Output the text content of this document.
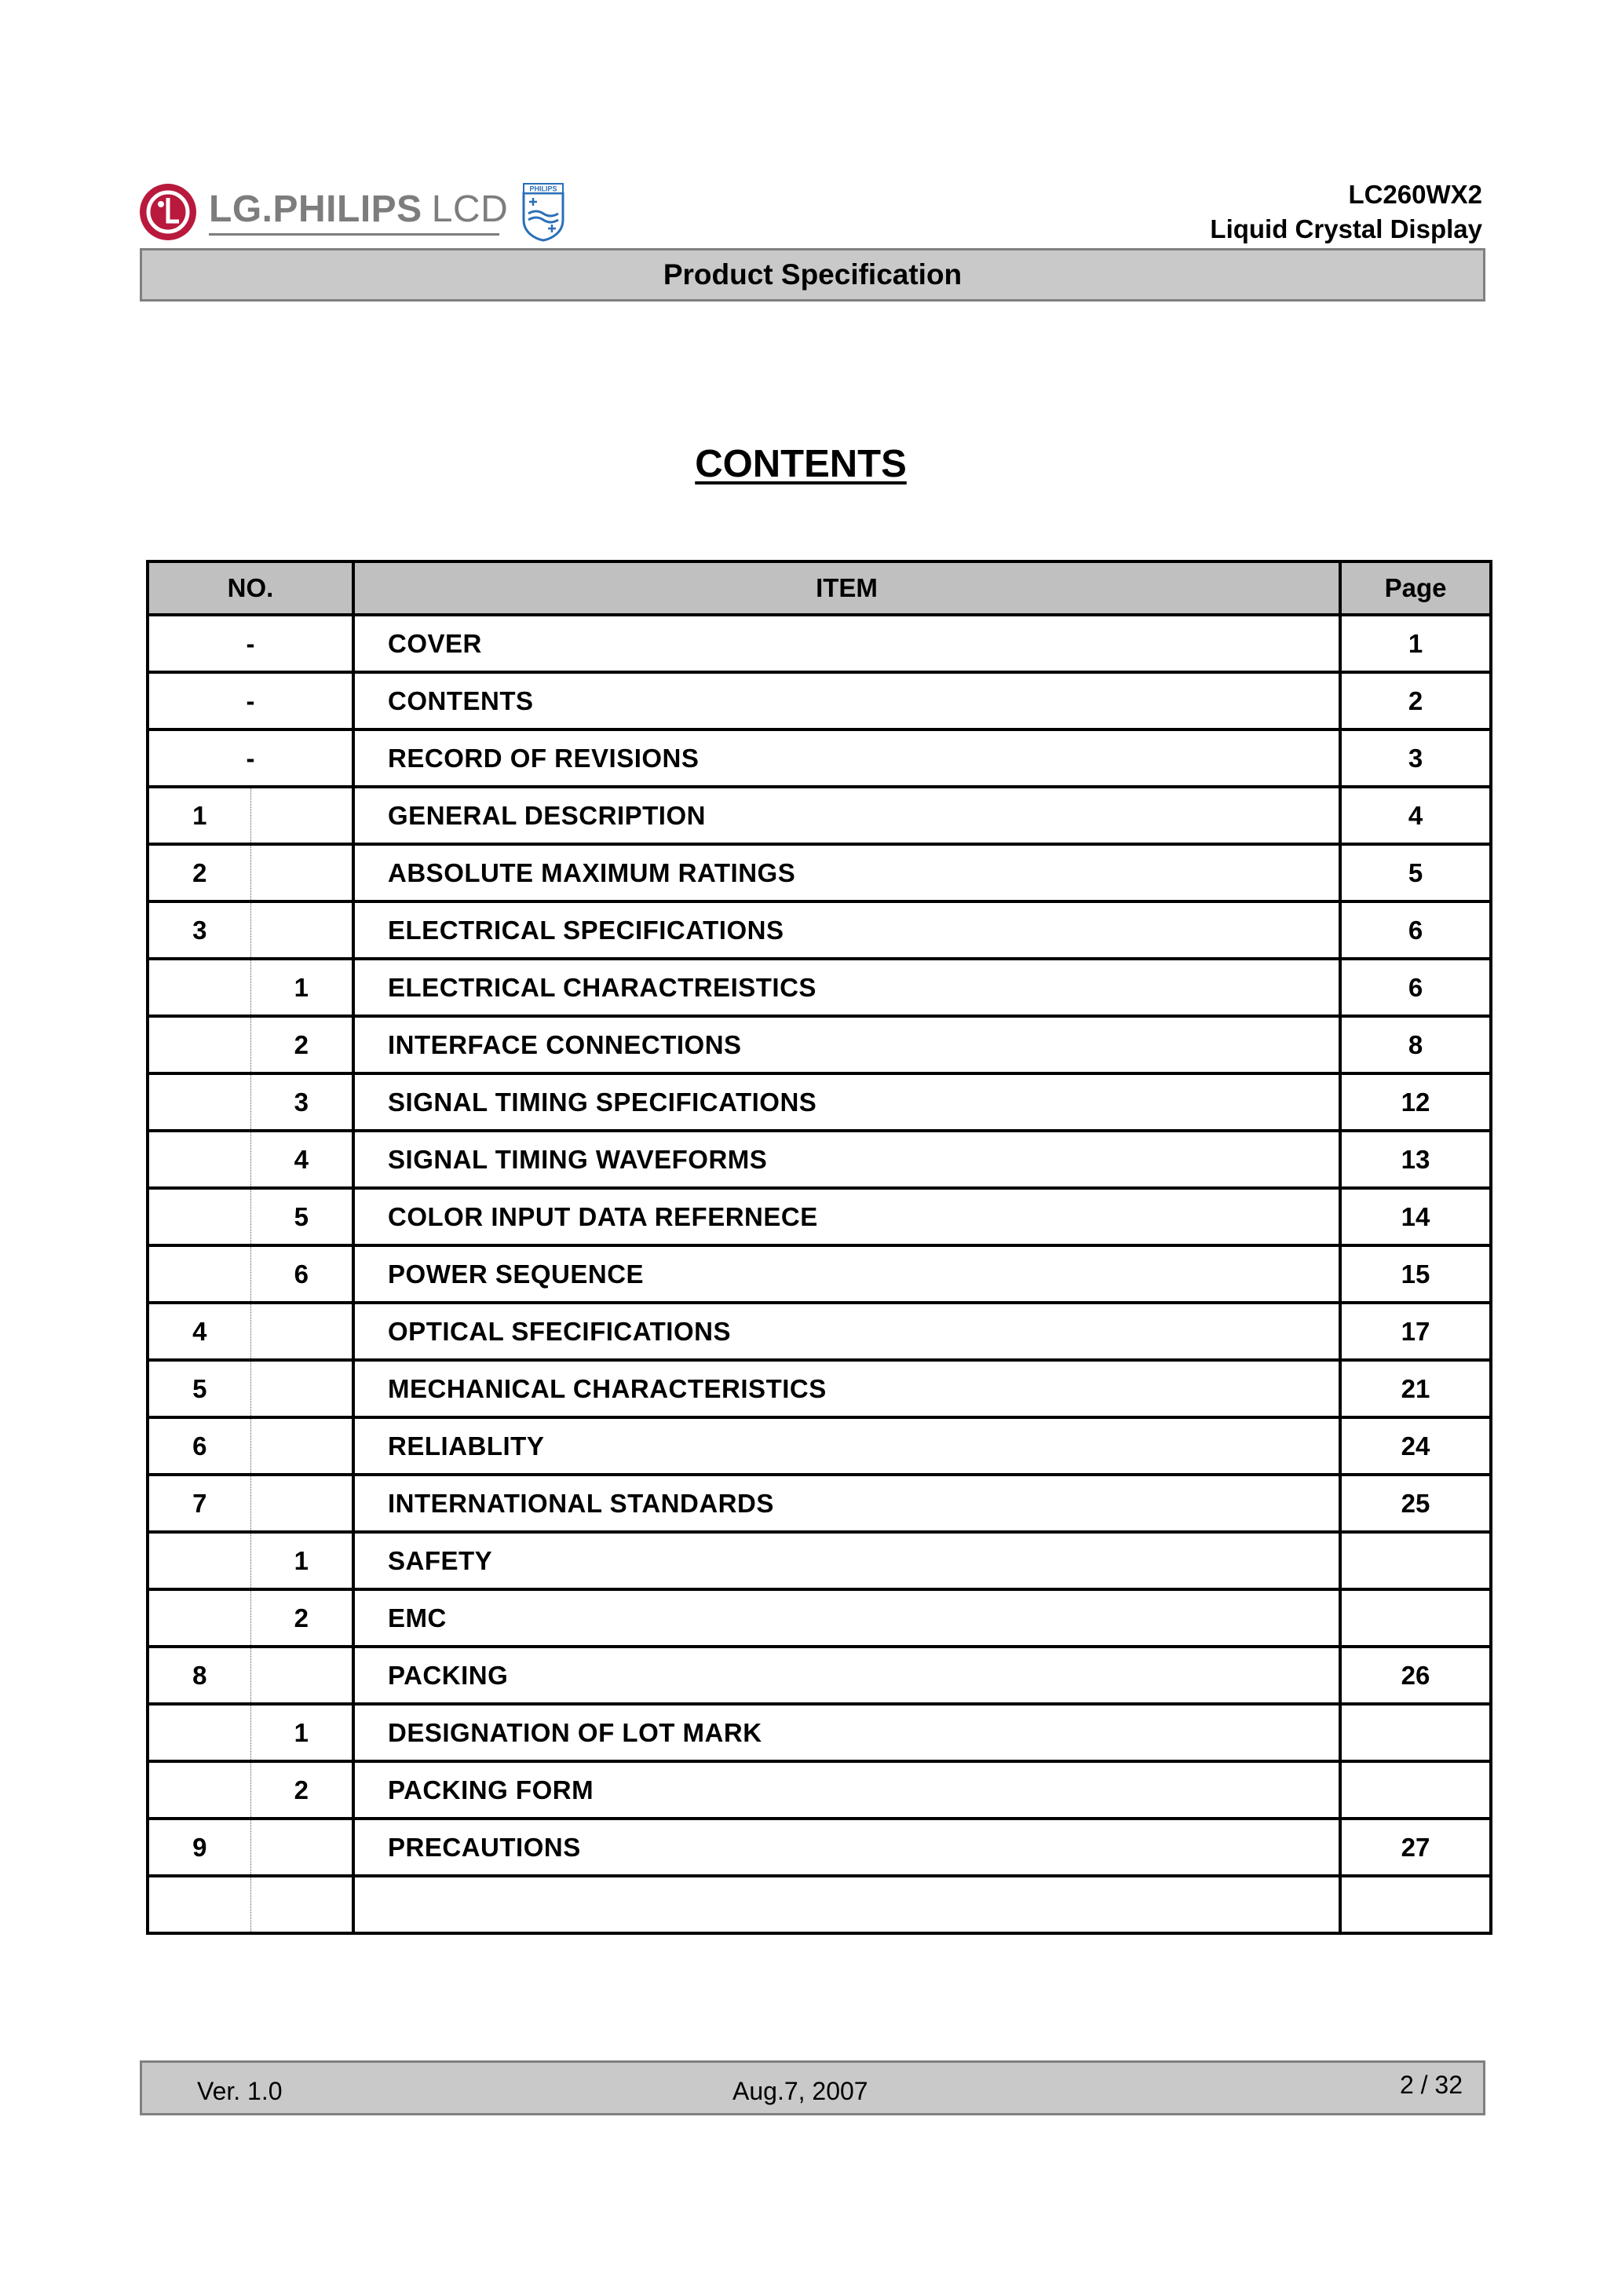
LG.PHILIPS LCD	PHILIPS	LC260WX2
Liquid Crystal Display
Product Specification
CONTENTS
NO.		ITEM	Page
-		COVER	1
-		CONTENTS	2
-		RECORD OF REVISIONS	3
1		GENERAL DESCRIPTION	4
2		ABSOLUTE MAXIMUM RATINGS	5
3		ELECTRICAL SPECIFICATIONS	6
	1	ELECTRICAL CHARACTREISTICS	6
	2	INTERFACE CONNECTIONS	8
	3	SIGNAL TIMING SPECIFICATIONS	12
	4	SIGNAL TIMING WAVEFORMS	13
	5	COLOR INPUT DATA REFERNECE	14
	6	POWER SEQUENCE	15
4		OPTICAL SFECIFICATIONS	17
5		MECHANICAL CHARACTERISTICS	21
6		RELIABLITY	24
7		INTERNATIONAL STANDARDS	25
	1	SAFETY	
	2	EMC	
8		PACKING	26
	1	DESIGNATION OF LOT MARK	
	2	PACKING FORM	
9		PRECAUTIONS	27

Ver. 1.0	Aug.7, 2007	2 / 32
